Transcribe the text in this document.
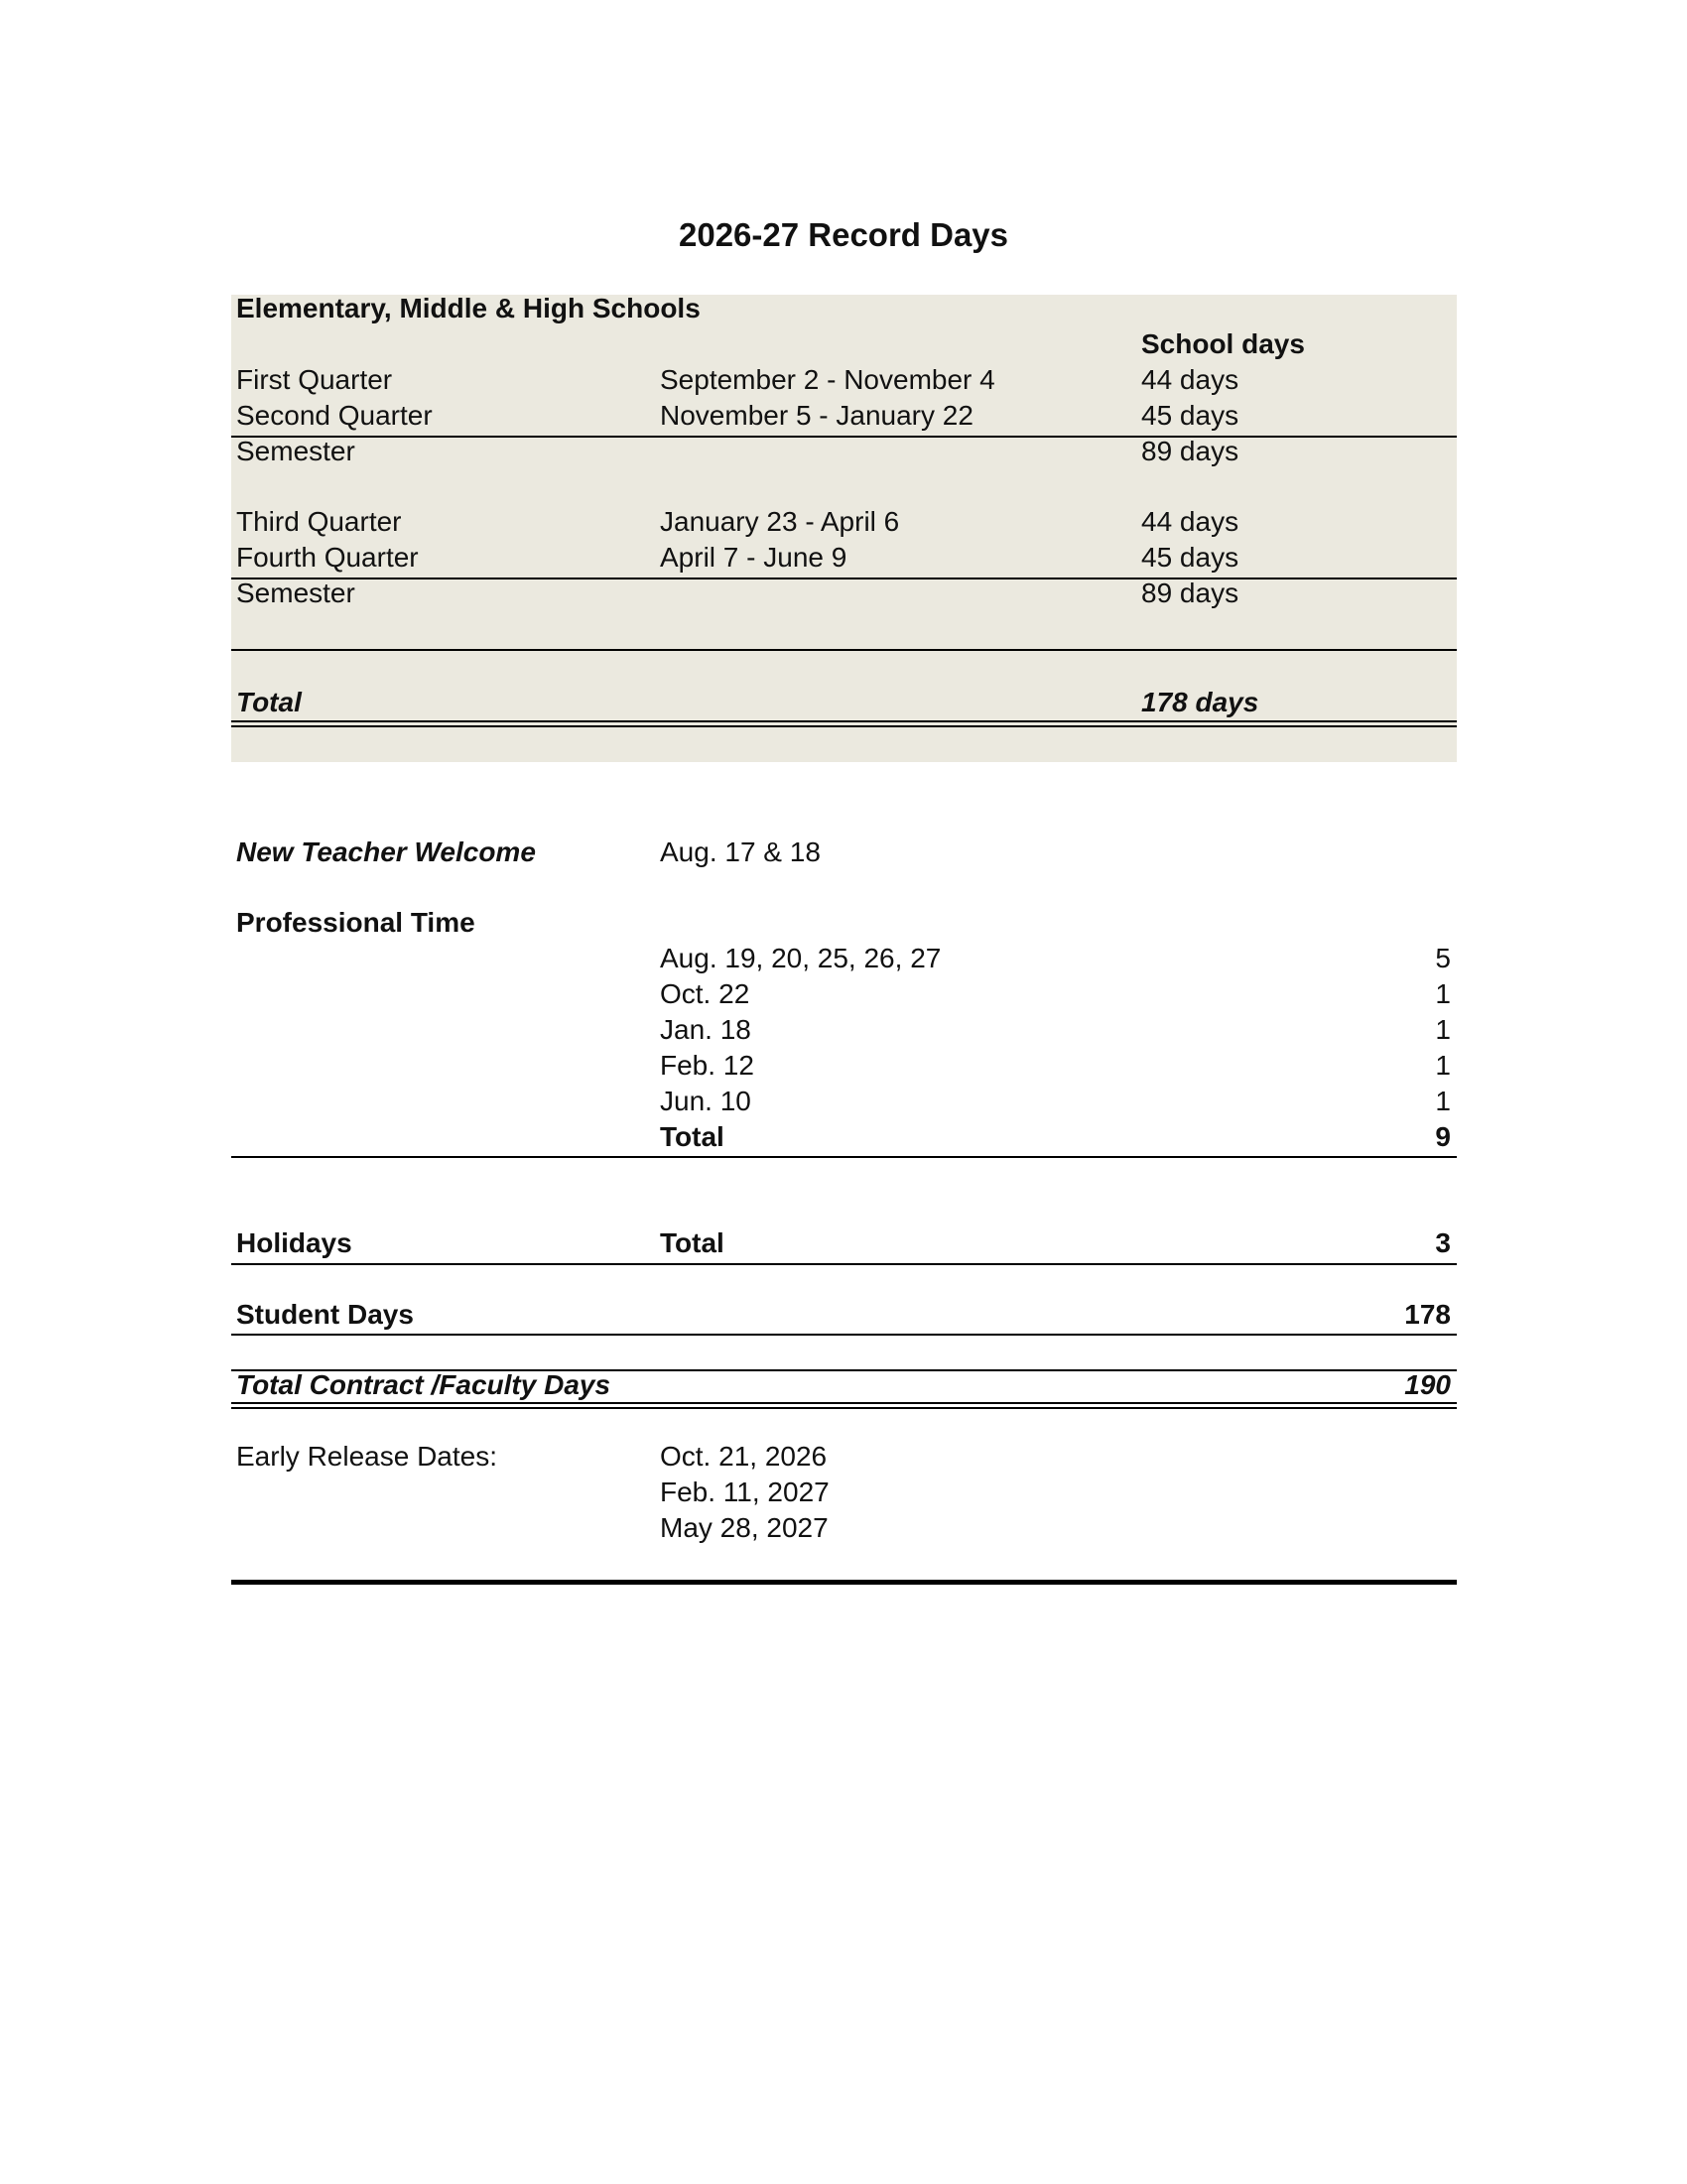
2026-27 Record Days
Elementary, Middle & High Schools
School days
First Quarter	September 2 - November 4	44 days
Second Quarter	November 5 - January 22	45 days
Semester	89 days
Third Quarter	January 23 - April 6	44 days
Fourth Quarter	April 7 - June 9	45 days
Semester	89 days
Total	178 days
New Teacher Welcome	Aug. 17 & 18
Professional Time
Aug. 19, 20, 25, 26, 27	5
Oct. 22	1
Jan. 18	1
Feb. 12	1
Jun. 10	1
Total	9
Holidays	Total	3
Student Days	178
Total Contract /Faculty Days	190
Early Release Dates:	Oct. 21, 2026
Feb. 11, 2027
May 28, 2027
